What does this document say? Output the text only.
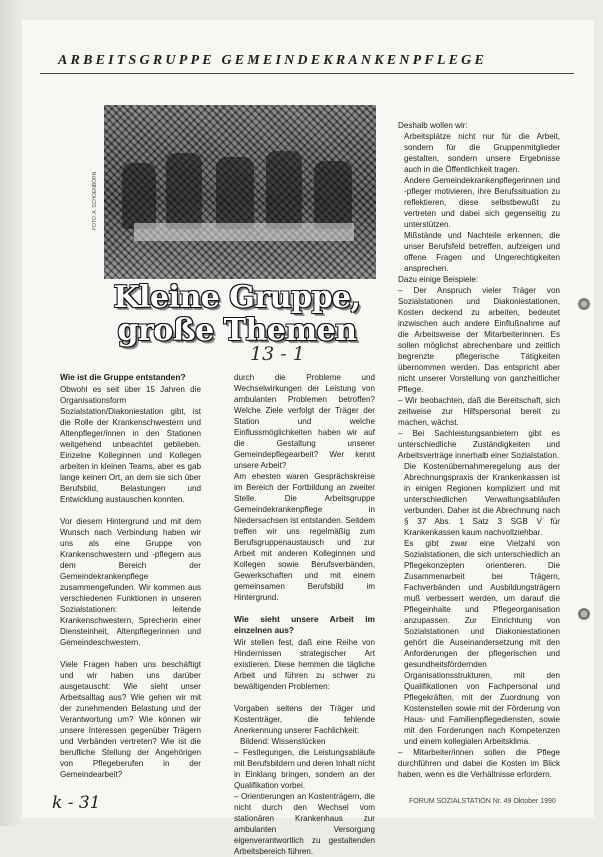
ARBEITSGRUPPE GEMEINDEKRANKENPFLEGE
FOTO: A. SCHOENBORN
Kleine Gruppe,
große Themen
13 - 1
Wie ist die Gruppe entstanden?

Obwohl es seit über 15 Jahren die Organisationsform Sozialstation/Diakoniestation gibt, ist die Rolle der Krankenschwestern und Altenpfleger/innen in den Stationen weitgehend unbeachtet geblieben. Einzelne Kolleginnen und Kollegen arbeiten in kleinen Teams, aber es gab lange keinen Ort, an dem sie sich über Berufsbild, Belastungen und Entwicklung austauschen konnten.

Vor diesem Hintergrund und mit dem Wunsch nach Verbindung haben wir uns als eine Gruppe von Krankenschwestern und -pflegern aus dem Bereich der Gemeindekrankenpflege zusammengefunden. Wir kommen aus verschiedenen Funktionen in unseren Sozialstationen: leitende Krankenschwestern, Sprecherin einer Diensteinheit, Altenpflegerinnen und Gemeindeschwestern.

Viele Fragen haben uns beschäftigt und wir haben uns darüber ausgetauscht: Wie sieht unser Arbeitsalltag aus? Wie gehen wir mit der zunehmenden Belastung und der Verantwortung um? Wie können wir unsere Interessen gegenüber Trägern und Verbänden vertreten? Wie ist die berufliche Stellung der Angehörigen von Pflegeberufen in der Gemeindearbeit?

durch die Probleme und Wechselwirkungen der Leistung von ambulanten Problemen betroffen? Welche Ziele verfolgt der Träger der Station und welche Einflussmöglichkeiten haben wir auf die Gestaltung unserer Gemeindepflegearbeit? Wer kennt unsere Arbeit?

Am ehesten waren Gesprächskreise im Bereich der Fortbildung an zweiter Stelle. Die Arbeitsgruppe Gemeindekrankenpflege in Niedersachsen ist entstanden. Seitdem treffen wir uns regelmäßig zum Berufsgruppenaustausch und zur Arbeit mit anderen Kolleginnen und Kollegen sowie Berufsverbänden, Gewerkschaften und mit einem gemeinsamen Berufsbild im Hintergrund.

Wie sieht unsere Arbeit im einzelnen aus?

Wir stellen fest, daß eine Reihe von Hindernissen strategischer Art existieren. Diese hemmen die tägliche Arbeit und führen zu schwer zu bewältigenden Problemen:

Vorgaben seitens der Träger und Kostenträger, die fehlende Anerkennung unserer Fachlichkeit:

Bildend: Wissenslücken

– Festlegungen, die Leistungsabläufe mit Berufsbildern und deren Inhalt nicht in Einklang bringen, sondern an der Qualifikation vorbei.

– Orientierungen an Kostenträgern, die nicht durch den Wechsel vom stationären Krankenhaus zur ambulanten Versorgung eigenverantwortlich zu gestaltenden Arbeitsbereich führen.

Deshalb wollen wir:

Arbeitsplätze nicht nur für die Arbeit, sondern für die Gruppenmitglieder gestalten, sondern unsere Ergebnisse auch in die Öffentlichkeit tragen.

Andere Gemeindekrankenpflegerinnen und -pfleger motivieren, ihre Berufssituation zu reflektieren, diese selbstbewußt zu vertreten und dabei sich gegenseitig zu unterstützen.

Mißstände und Nachteile erkennen, die unser Berufsfeld betreffen, aufzeigen und offene Fragen und Ungerechtigkeiten ansprechen.

Dazu einige Beispiele:

– Der Anspruch vieler Träger von Sozialstationen und Diakoniestationen, Kosten deckend zu arbeiten, bedeutet inzwischen auch andere Einflußnahme auf die Arbeitsweise der Mitarbeiterinnen. Es sollen möglichst abrechenbare und zeitlich begrenzte pflegerische Tätigkeiten übernommen werden. Das entspricht aber nicht unserer Vorstellung von ganzheitlicher Pflege.

– Wir beobachten, daß die Bereitschaft, sich zeitweise zur Hilfspersonal bereit zu machen, wächst.

– Bei Sachleistungsanbietern gibt es unterschiedliche Zuständigkeiten und Arbeitsverträge innerhalb einer Sozialstation.

Die Kostenübernahmeregelung aus der Abrechnungspraxis der Krankenkassen ist in einigen Regionen kompliziert und mit unterschiedlichen Verwaltungsabläufen verbunden. Daher ist die Abrechnung nach § 37 Abs. 1 Satz 3 SGB V für Krankenkassen kaum nachvollziehbar.

Es gibt zwar eine Vielzahl von Sozialstationen, die sich unterschiedlich an Pflegekonzepten orientieren. Die Zusammenarbeit bei Trägern, Fachverbänden und Ausbildungsträgern muß verbessert werden, um darauf die Pflegeinhalte und Pflegeorganisation anzupassen. Zur Einrichtung von Sozialstationen und Diakoniestationen gehört die Auseinandersetzung mit den Anforderungen der pflegerischen und gesundheitsfördernden Organisationsstrukturen, mit den Qualifikationen von Fachpersonal und Pflegekräften, mit der Zuordnung von Kostenstellen sowie mit der Förderung von Haus- und Familienpflegediensten, sowie mit den Forderungen nach Kompetenzen und einem kollegialen Arbeitsklima.

– Mitarbeiter/innen sollen die Pflege durchführen und dabei die Kosten im Blick haben, wenn es die Verhältnisse erfordern.

k - 31	FORUM SOZIALSTATION Nr. 49 Oktober 1990
